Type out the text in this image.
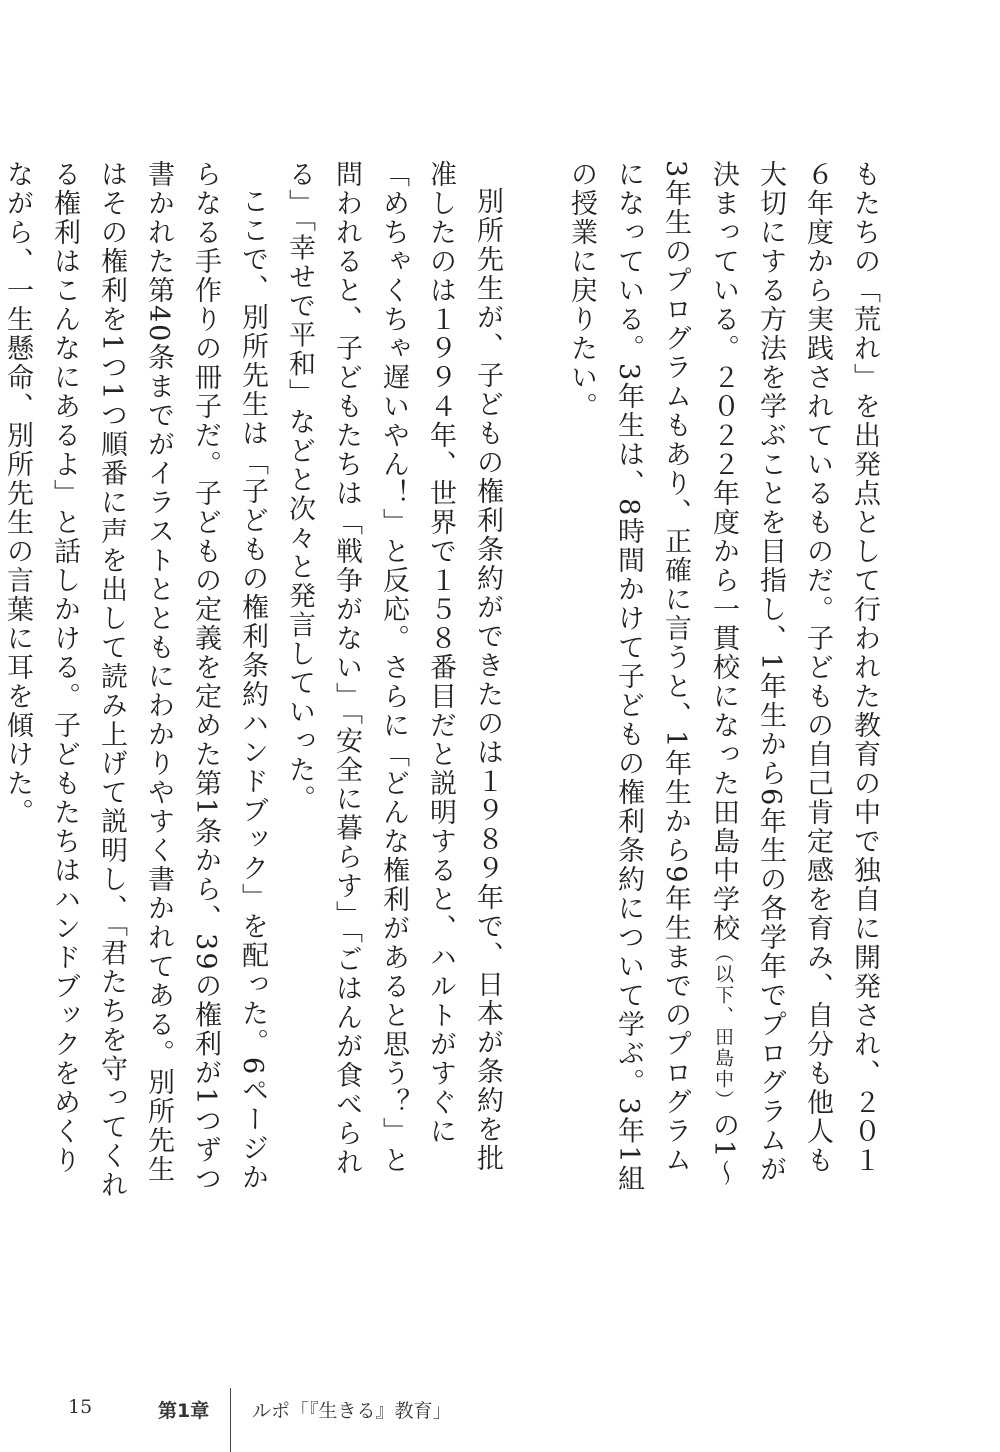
もたちの「荒れ」を出発点として行われた教育の中で独自に開発され、２０１６年度から実践されているものだ。子どもの自己肯定感を育み、自分も他人も大切にする方法を学ぶことを目指し、1年生から6年生の各学年でプログラムが決まっている。２０２２年度から一貫校になった田島中学校（以下、田島中）の1～3年生のプログラムもあり、正確に言うと、1年生から9年生までのプログラムになっている。3年生は、8時間かけて子どもの権利条約について学ぶ。3年1組の授業に戻りたい。

別所先生が、子どもの権利条約ができたのは１９８９年で、日本が条約を批准したのは１９９４年、世界で１５８番目だと説明すると、ハルトがすぐに「めちゃくちゃ遅いやん！」と反応。さらに「どんな権利があると思う？」と問われると、子どもたちは「戦争がない」「安全に暮らす」「ごはんが食べられる」「幸せで平和」などと次々と発言していった。

ここで、別所先生は「子どもの権利条約ハンドブック」を配った。6ページからなる手作りの冊子だ。子どもの定義を定めた第1条から、39の権利が1つずつ書かれた第40条までがイラストとともにわかりやすく書かれてある。別所先生はその権利を1つ1つ順番に声を出して読み上げて説明し、「君たちを守ってくれる権利はこんなにあるよ」と話しかける。子どもたちはハンドブックをめくりながら、一生懸命、別所先生の言葉に耳を傾けた。

15	第1章 ルポ「『生きる』教育」
